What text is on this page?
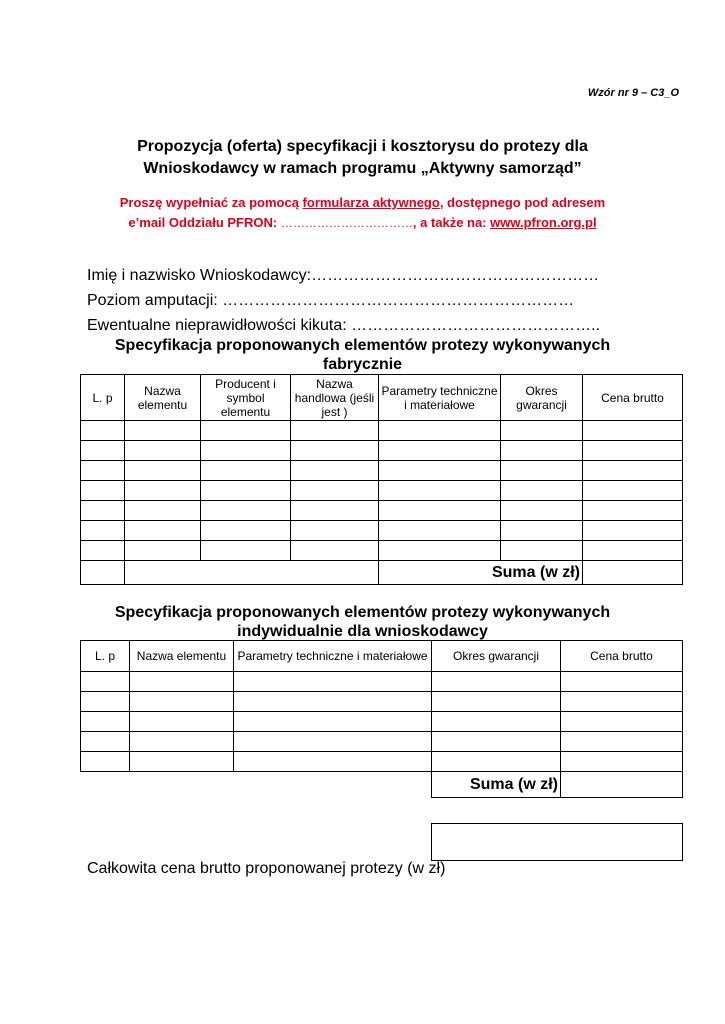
Wzór nr 9 – C3_O
Propozycja (oferta) specyfikacji i kosztorysu do protezy dla
Wnioskodawcy w ramach programu „Aktywny samorząd”
Proszę wypełniać za pomocą formularza aktywnego, dostępnego pod adresem
e’mail Oddziału PFRON: ……………………………, a także na: www.pfron.org.pl
Imię i nazwisko Wnioskodawcy:………………………………………………
Poziom amputacji: …………………………………………………………
Ewentualne nieprawidłowości kikuta: ………………………………………..
Specyfikacja proponowanych elementów protezy wykonywanych
fabrycznie
L. p	Nazwa elementu	Producent i symbol elementu	Nazwa handlowa (jeśli jest )	Parametry techniczne i materiałowe	Okres gwarancji	Cena brutto

				Suma (w zł)		
Specyfikacja proponowanych elementów protezy wykonywanych
indywidualnie dla wnioskodawcy
L. p	Nazwa elementu	Parametry techniczne i materiałowe	Okres gwarancji	Cena brutto

			Suma (w zł)	
Całkowita cena brutto proponowanej protezy (w zł)
